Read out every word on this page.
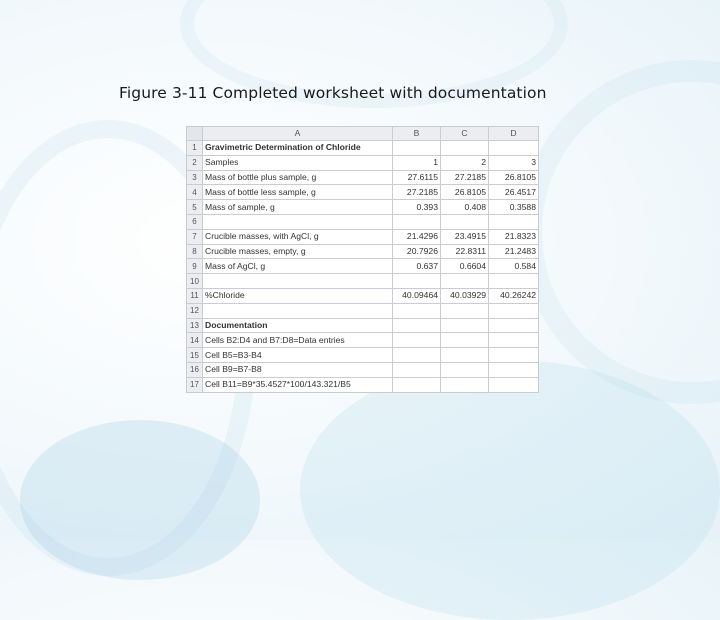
Figure 3-11 Completed worksheet with documentation
	A	B	C	D
1	Gravimetric Determination of Chloride			
2	Samples	1	2	3
3	Mass of bottle plus sample, g	27.6115	27.2185	26.8105
4	Mass of bottle less sample, g	27.2185	26.8105	26.4517
5	Mass of sample, g	0.393	0.408	0.3588
6				
7	Crucible masses, with AgCl, g	21.4296	23.4915	21.8323
8	Crucible masses, empty, g	20.7926	22.8311	21.2483
9	Mass of AgCl, g	0.637	0.6604	0.584
10				
11	%Chloride	40.09464	40.03929	40.26242
12				
13	Documentation			
14	Cells B2:D4 and B7:D8=Data entries			
15	Cell B5=B3-B4			
16	Cell B9=B7-B8			
17	Cell B11=B9*35.4527*100/143.321/B5			
